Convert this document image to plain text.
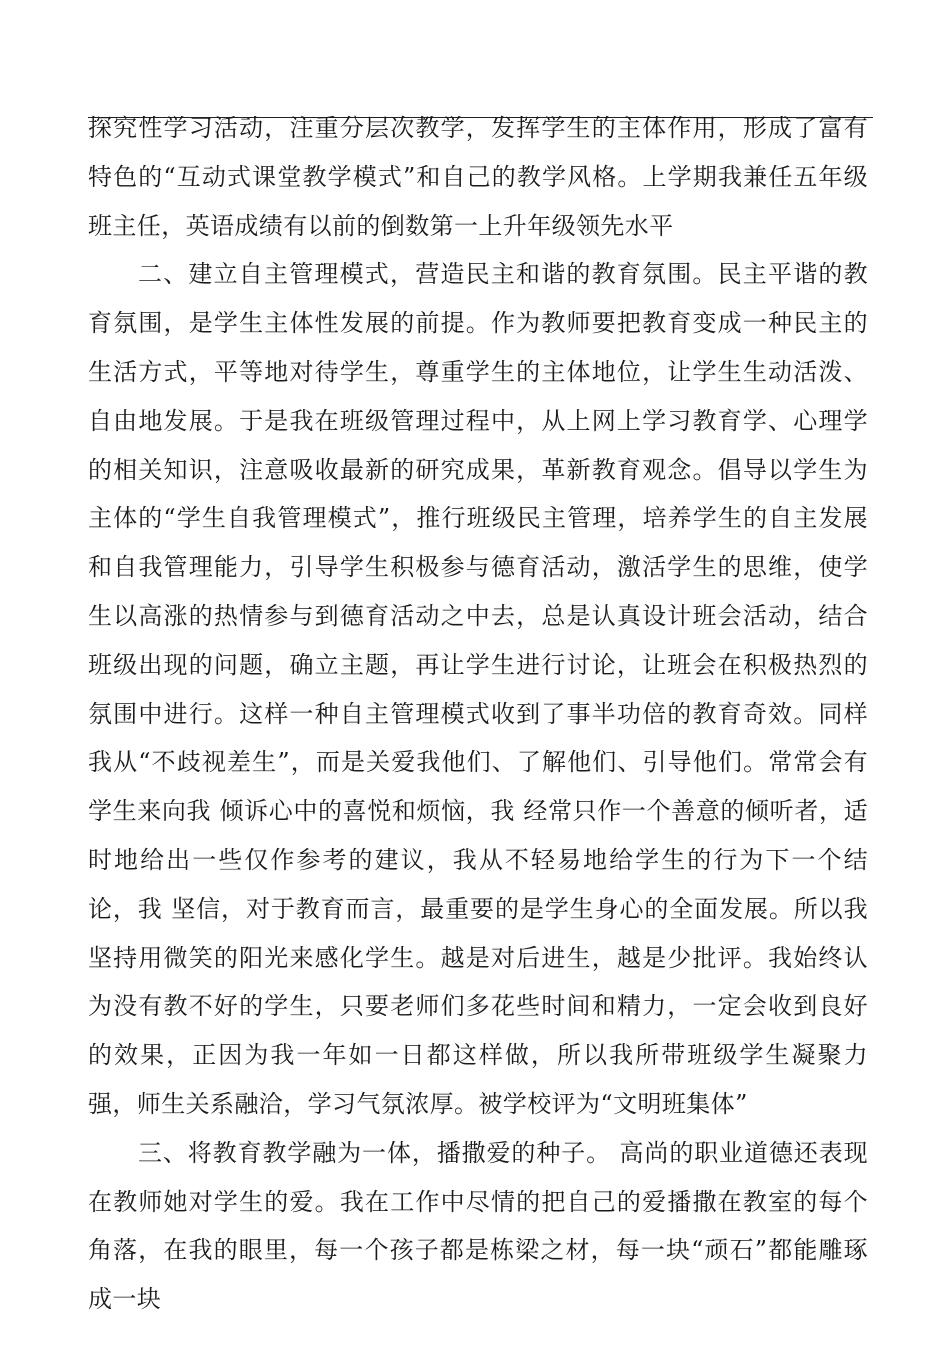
探究性学习活动，注重分层次教学，发挥学生的主体作用，形成了富有特色的“互动式课堂教学模式”和自己的教学风格。上学期我兼任五年级班主任，英语成绩有以前的倒数第一上升年级领先水平

二、建立自主管理模式，营造民主和谐的教育氛围。民主平谐的教育氛围，是学生主体性发展的前提。作为教师要把教育变成一种民主的生活方式，平等地对待学生，尊重学生的主体地位，让学生生动活泼、自由地发展。于是我在班级管理过程中，从上网上学习教育学、心理学的相关知识，注意吸收最新的研究成果，革新教育观念。倡导以学生为主体的“学生自我管理模式”，推行班级民主管理，培养学生的自主发展和自我管理能力，引导学生积极参与德育活动，激活学生的思维，使学生以高涨的热情参与到德育活动之中去，总是认真设计班会活动，结合班级出现的问题，确立主题，再让学生进行讨论，让班会在积极热烈的氛围中进行。这样一种自主管理模式收到了事半功倍的教育奇效。同样我从“不歧视差生”，而是关爱我他们、了解他们、引导他们。常常会有学生来向我 倾诉心中的喜悦和烦恼，我 经常只作一个善意的倾听者，适时地给出一些仅作参考的建议，我从不轻易地给学生的行为下一个结论，我 坚信，对于教育而言，最重要的是学生身心的全面发展。所以我 坚持用微笑的阳光来感化学生。越是对后进生，越是少批评。我始终认为没有教不好的学生，只要老师们多花些时间和精力，一定会收到良好的效果，正因为我一年如一日都这样做，所以我所带班级学生凝聚力强，师生关系融洽，学习气氛浓厚。被学校评为“文明班集体”

三、将教育教学融为一体，播撒爱的种子。 高尚的职业道德还表现在教师她对学生的爱。我在工作中尽情的把自己的爱播撒在教室的每个角落，在我的眼里，每一个孩子都是栋梁之材，每一块“顽石”都能雕琢成一块
